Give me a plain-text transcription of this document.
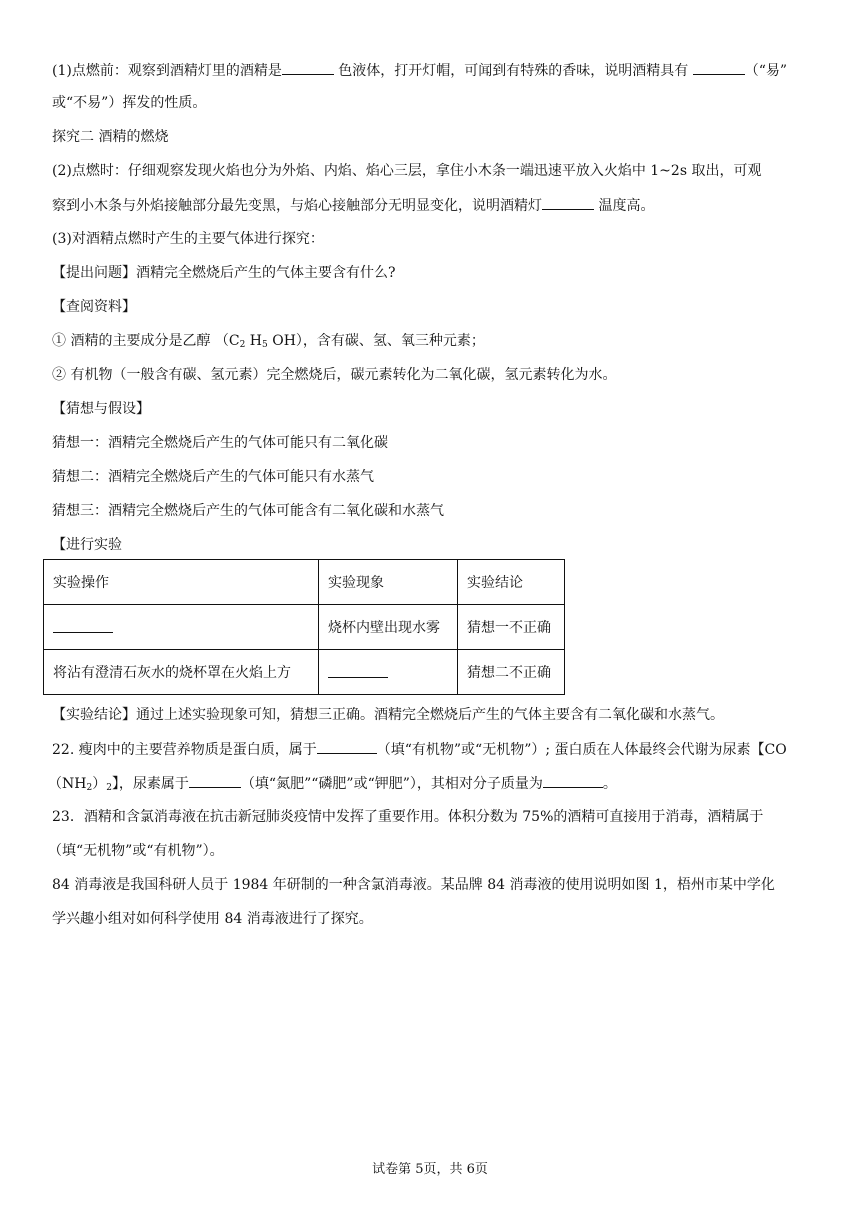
(1)点燃前：观察到酒精灯里的酒精是	色液体，打开灯帽，可闻到有特殊的香味，说明酒精具有	（“易”
或“不易”）挥发的性质。
探究二 酒精的燃烧
(2)点燃时：仔细观察发现火焰也分为外焰、内焰、焰心三层，拿住小木条一端迅速平放入火焰中 1~2s 取出，可观
察到小木条与外焰接触部分最先变黑，与焰心接触部分无明显变化，说明酒精灯	温度高。
(3)对酒精点燃时产生的主要气体进行探究：
【提出问题】酒精完全燃烧后产生的气体主要含有什么?
【查阅资料】
① 酒精的主要成分是乙醇 （$C_2$ $H_5$ OH），含有碳、氢、氧三种元素；
② 有机物（一般含有碳、氢元素）完全燃烧后，碳元素转化为二氧化碳，氢元素转化为水。
【猜想与假设】
猜想一：酒精完全燃烧后产生的气体可能只有二氧化碳
猜想二：酒精完全燃烧后产生的气体可能只有水蒸气
猜想三：酒精完全燃烧后产生的气体可能含有二氧化碳和水蒸气
【进行实验
实验操作	实验现象	实验结论
	烧杯内壁出现水雾	猜想一不正确
将沾有澄清石灰水的烧杯罩在火焰上方		猜想二不正确
【实验结论】通过上述实验现象可知，猜想三正确。酒精完全燃烧后产生的气体主要含有二氧化碳和水蒸气。
22. 瘦肉中的主要营养物质是蛋白质，属于	（填“有机物”或“无机物”）; 蛋白质在人体最终会代谢为尿素【CO
$(NH_2)_2$】，尿素属于	（填“氮肥”“磷肥”或“钾肥”），其相对分子质量为	。
23．酒精和含氯消毒液在抗击新冠肺炎疫情中发挥了重要作用。体积分数为 75%的酒精可直接用于消毒，酒精属于
（填“无机物”或“有机物”）。
84 消毒液是我国科研人员于 1984 年研制的一种含氯消毒液。某品牌 84 消毒液的使用说明如图 1，梧州市某中学化
学兴趣小组对如何科学使用 84 消毒液进行了探究。
试卷第 5页，共 6页
